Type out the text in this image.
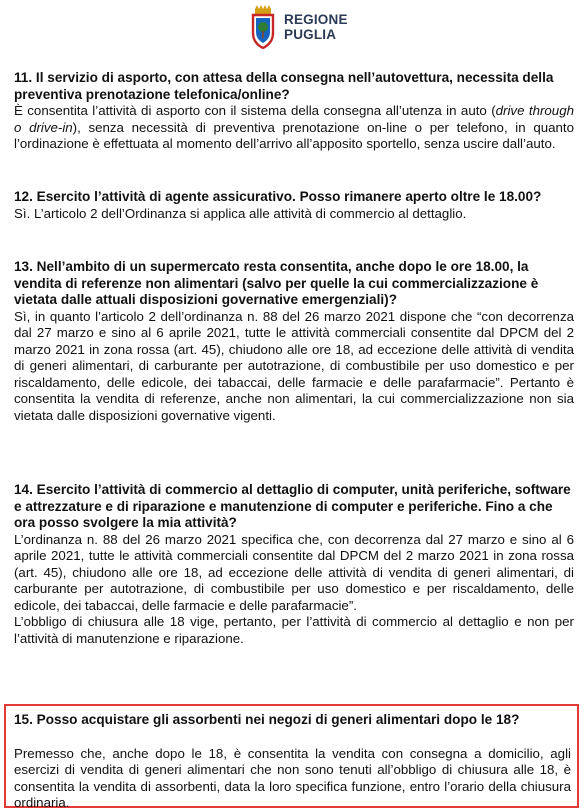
REGIONE
PUGLIA

11. Il servizio di asporto, con attesa della consegna nell’autovettura, necessita della preventiva prenotazione telefonica/online?

È consentita l’attività di asporto con il sistema della consegna all’utenza in auto (drive through o drive-in), senza necessità di preventiva prenotazione on-line o per telefono, in quanto l’ordinazione è effettuata al momento dell’arrivo all’apposito sportello, senza uscire dall’auto.

12. Esercito l’attività di agente assicurativo. Posso rimanere aperto oltre le 18.00?

Sì. L’articolo 2 dell’Ordinanza si applica alle attività di commercio al dettaglio.

13. Nell’ambito di un supermercato resta consentita, anche dopo le ore 18.00, la vendita di referenze non alimentari (salvo per quelle la cui commercializzazione è vietata dalle attuali disposizioni governative emergenziali)?

Sì, in quanto l’articolo 2 dell’ordinanza n. 88 del 26 marzo 2021 dispone che “con decorrenza dal 27 marzo e sino al 6 aprile 2021, tutte le attività commerciali consentite dal DPCM del 2 marzo 2021 in zona rossa (art. 45), chiudono alle ore 18, ad eccezione delle attività di vendita di generi alimentari, di carburante per autotrazione, di combustibile per uso domestico e per riscaldamento, delle edicole, dei tabaccai, delle farmacie e delle parafarmacie”. Pertanto è consentita la vendita di referenze, anche non alimentari, la cui commercializzazione non sia vietata dalle disposizioni governative vigenti.

14. Esercito l’attività di commercio al dettaglio di computer, unità periferiche, software e attrezzature e di riparazione e manutenzione di computer e periferiche. Fino a che ora posso svolgere la mia attività?

L’ordinanza n. 88 del 26 marzo 2021 specifica che, con decorrenza dal 27 marzo e sino al 6 aprile 2021, tutte le attività commerciali consentite dal DPCM del 2 marzo 2021 in zona rossa (art. 45), chiudono alle ore 18, ad eccezione delle attività di vendita di generi alimentari, di carburante per autotrazione, di combustibile per uso domestico e per riscaldamento, delle edicole, dei tabaccai, delle farmacie e delle parafarmacie”.

L’obbligo di chiusura alle 18 vige, pertanto, per l’attività di commercio al dettaglio e non per l’attività di manutenzione e riparazione.

15. Posso acquistare gli assorbenti nei negozi di generi alimentari dopo le 18?

Premesso che, anche dopo le 18, è consentita la vendita con consegna a domicilio, agli esercizi di vendita di generi alimentari che non sono tenuti all’obbligo di chiusura alle 18, è consentita la vendita di assorbenti, data la loro specifica funzione, entro l’orario della chiusura ordinaria.
